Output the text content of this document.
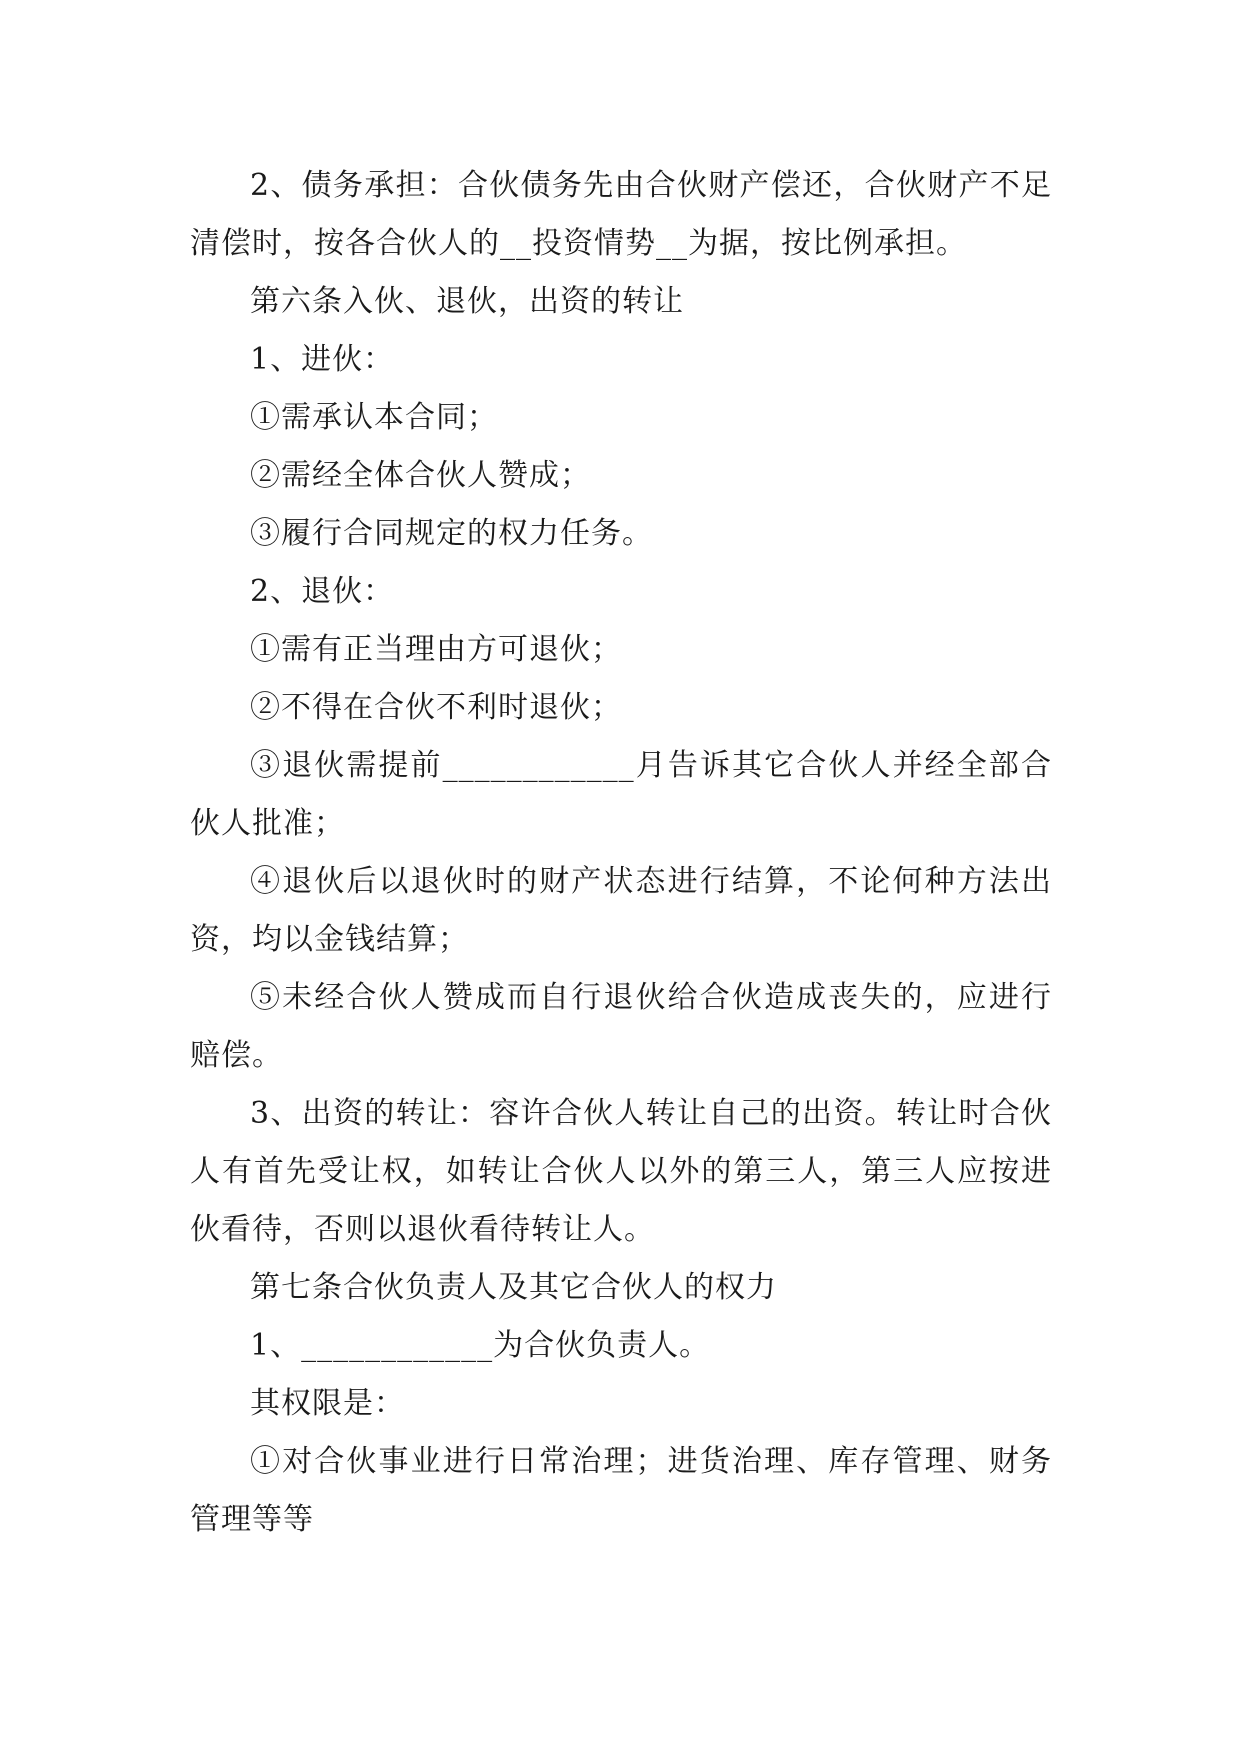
2、债务承担：合伙债务先由合伙财产偿还，合伙财产不足清偿时，按各合伙人的__投资情势__为据，按比例承担。

第六条入伙、退伙，出资的转让

1、进伙：

①需承认本合同；

②需经全体合伙人赞成；

③履行合同规定的权力任务。

2、退伙：

①需有正当理由方可退伙；

②不得在合伙不利时退伙；

③退伙需提前____________月告诉其它合伙人并经全部合伙人批准；

④退伙后以退伙时的财产状态进行结算，不论何种方法出资，均以金钱结算；

⑤未经合伙人赞成而自行退伙给合伙造成丧失的，应进行赔偿。

3、出资的转让：容许合伙人转让自己的出资。转让时合伙人有首先受让权，如转让合伙人以外的第三人，第三人应按进伙看待，否则以退伙看待转让人。

第七条合伙负责人及其它合伙人的权力

1、____________为合伙负责人。

其权限是：

①对合伙事业进行日常治理；进货治理、库存管理、财务管理等等
